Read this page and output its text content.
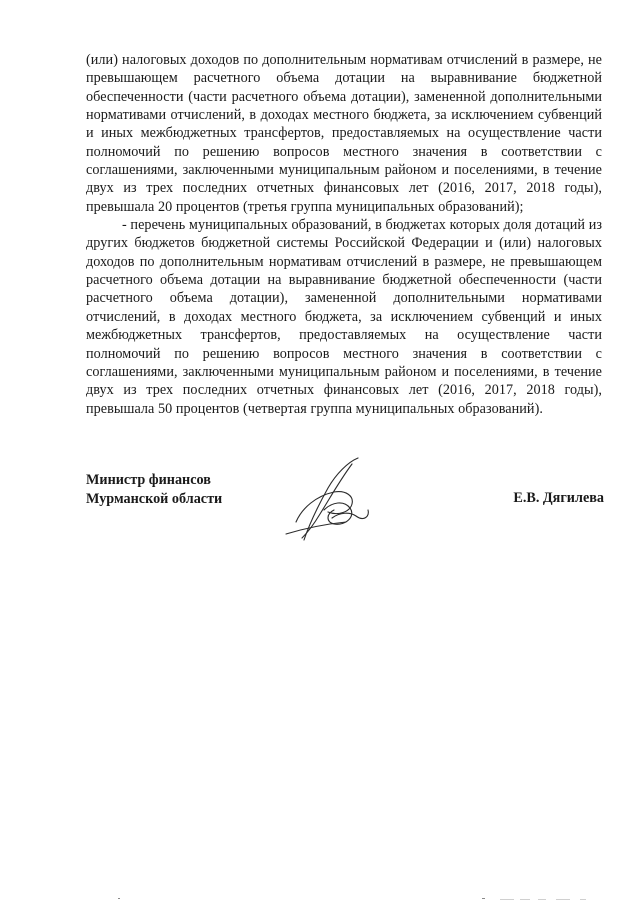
(или) налоговых доходов по дополнительным нормативам отчислений в размере, не превышающем расчетного объема дотации на выравнивание бюджетной обеспеченности (части расчетного объема дотации), замененной дополнительными нормативами отчислений, в доходах местного бюджета, за исключением субвенций и иных межбюджетных трансфертов, предоставляемых на осуществление части полномочий по решению вопросов местного значения в соответствии с соглашениями, заключенными муниципальным районом и поселениями, в течение двух из трех последних отчетных финансовых лет (2016, 2017, 2018 годы), превышала 20 процентов (третья группа муниципальных образований);

- перечень муниципальных образований, в бюджетах которых доля дотаций из других бюджетов бюджетной системы Российской Федерации и (или) налоговых доходов по дополнительным нормативам отчислений в размере, не превышающем расчетного объема дотации на выравнивание бюджетной обеспеченности (части расчетного объема дотации), замененной дополнительными нормативами отчислений, в доходах местного бюджета, за исключением субвенций и иных межбюджетных трансфертов, предоставляемых на осуществление части полномочий по решению вопросов местного значения в соответствии с соглашениями, заключенными муниципальным районом и поселениями, в течение двух из трех последних отчетных финансовых лет (2016, 2017, 2018 годы), превышала 50 процентов (четвертая группа муниципальных образований).

Министр финансов
Мурманской области	Е.В. Дягилева
